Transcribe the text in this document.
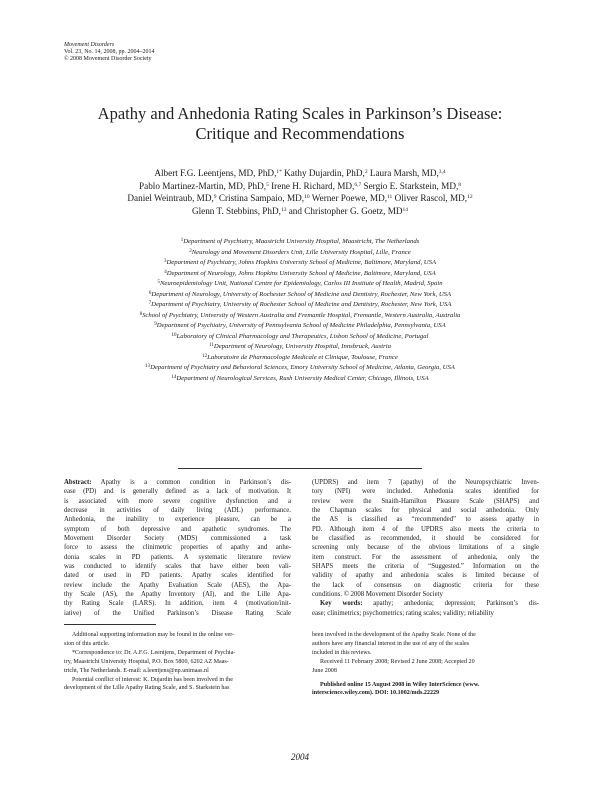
Movement Disorders
Vol. 23, No. 14, 2008, pp. 2004–2014
© 2008 Movement Disorder Society
Apathy and Anhedonia Rating Scales in Parkinson’s Disease:
Critique and Recommendations
Albert F.G. Leentjens, MD, PhD,$^{1*}$ Kathy Dujardin, PhD,$^2$ Laura Marsh, MD,$^{3,4}$
Pablo Martinez-Martin, MD, PhD,$^5$ Irene H. Richard, MD,$^{6,7}$ Sergio E. Starkstein, MD,$^8$
Daniel Weintraub, MD,$^9$ Cristina Sampaio, MD,$^{10}$ Werner Poewe, MD,$^{11}$ Oliver Rascol, MD,$^{12}$
Glenn T. Stebbins, PhD,$^{13}$ and Christopher G. Goetz, MD$^{14}$
$^1$Department of Psychiatry, Maastricht University Hospital, Maastricht, The Netherlands
$^2$Neurology and Movement Disorders Unit, Lille University Hospital, Lille, France
$^3$Department of Psychiatry, Johns Hopkins University School of Medicine, Baltimore, Maryland, USA
$^4$Department of Neurology, Johns Hopkins University School of Medicine, Baltimore, Maryland, USA
$^5$Neuroepidemiology Unit, National Centre for Epidemiology, Carlos III Institute of Health, Madrid, Spain
$^6$Department of Neurology, University of Rochester School of Medicine and Dentistry, Rochester, New York, USA
$^7$Department of Psychiatry, University of Rochester School of Medicine and Dentistry, Rochester, New York, USA
$^8$School of Psychiatry, University of Western Australia and Fremantle Hospital, Fremantle, Western Australia, Australia
$^9$Department of Psychiatry, University of Pennsylvania School of Medicine Philadelphia, Pennsylvania, USA
$^{10}$Laboratory of Clinical Pharmacology and Therapeutics, Lisbon School of Medicine, Portugal
$^{11}$Department of Neurology, University Hospital, Innsbruck, Austria
$^{12}$Laboratoire de Pharmacologie Medicale et Clinique, Toulouse, France
$^{13}$Department of Psychiatry and Behavioral Sciences, Emory University School of Medicine, Atlanta, Georgia, USA
$^{14}$Department of Neurological Services, Rush University Medical Center, Chicago, Illinois, USA
Abstract: Apathy is a common condition in Parkinson’s dis-
ease (PD) and is generally defined as a lack of motivation. It
is associated with more severe cognitive dysfunction and a
decrease in activities of daily living (ADL) performance.
Anhedonia, the inability to experience pleasure, can be a
symptom of both depressive and apathetic syndromes. The
Movement Disorder Society (MDS) commissioned a task
force to assess the clinimetric properties of apathy and anhe-
donia scales in PD patients. A systematic literature review
was conducted to identify scales that have either been vali-
dated or used in PD patients. Apathy scales identified for
review include the Apathy Evaluation Scale (AES), the Apa-
thy Scale (AS), the Apathy Inventory (AI), and the Lille Apa-
thy Rating Scale (LARS). In addition, item 4 (motivation/init-
iative) of the Unified Parkinson’s Disease Rating Scale
(UPDRS) and item 7 (apathy) of the Neuropsychiatric Inven-
tory (NPI) were included. Anhedonia scales identified for
review were the Snaith-Hamilton Pleasure Scale (SHAPS) and
the Chapman scales for physical and social anhedonia. Only
the AS is classified as “recommended” to assess apathy in
PD. Although item 4 of the UPDRS also meets the criteria to
be classified as recommended, it should be considered for
screening only because of the obvious limitations of a single
item construct. For the assessment of anhedonia, only the
SHAPS meets the criteria of “Suggested.” Information on the
validity of apathy and anhedonia scales is limited because of
the lack of consensus on diagnostic criteria for these
conditions. © 2008 Movement Disorder Society
Key words: apathy; anhedonia; depression; Parkinson’s dis-
ease; clinimetrics; psychometrics; rating scales; validity; reliability
Additional supporting information may be found in the online ver-
sion of this article.
*Correspondence to: Dr. A.F.G. Leentjens, Department of Psychia-
try, Maastricht University Hospital, P.O. Box 5800, 6202 AZ Maas-
tricht, The Netherlands. E-mail: a.leentjens@np.unimaas.nl
Potential conflict of interest: K. Dujardin has been involved in the
development of the Lille Apathy Rating Scale, and S. Starkstein has
been involved in the development of the Apathy Scale. None of the
authors have any financial interest in the use of any of the scales
included in this reviews.
Received 11 February 2008; Revised 2 June 2008; Accepted 20
June 2008
Published online 15 August 2008 in Wiley InterScience (www.
interscience.wiley.com). DOI: 10.1002/mds.22229
2004
